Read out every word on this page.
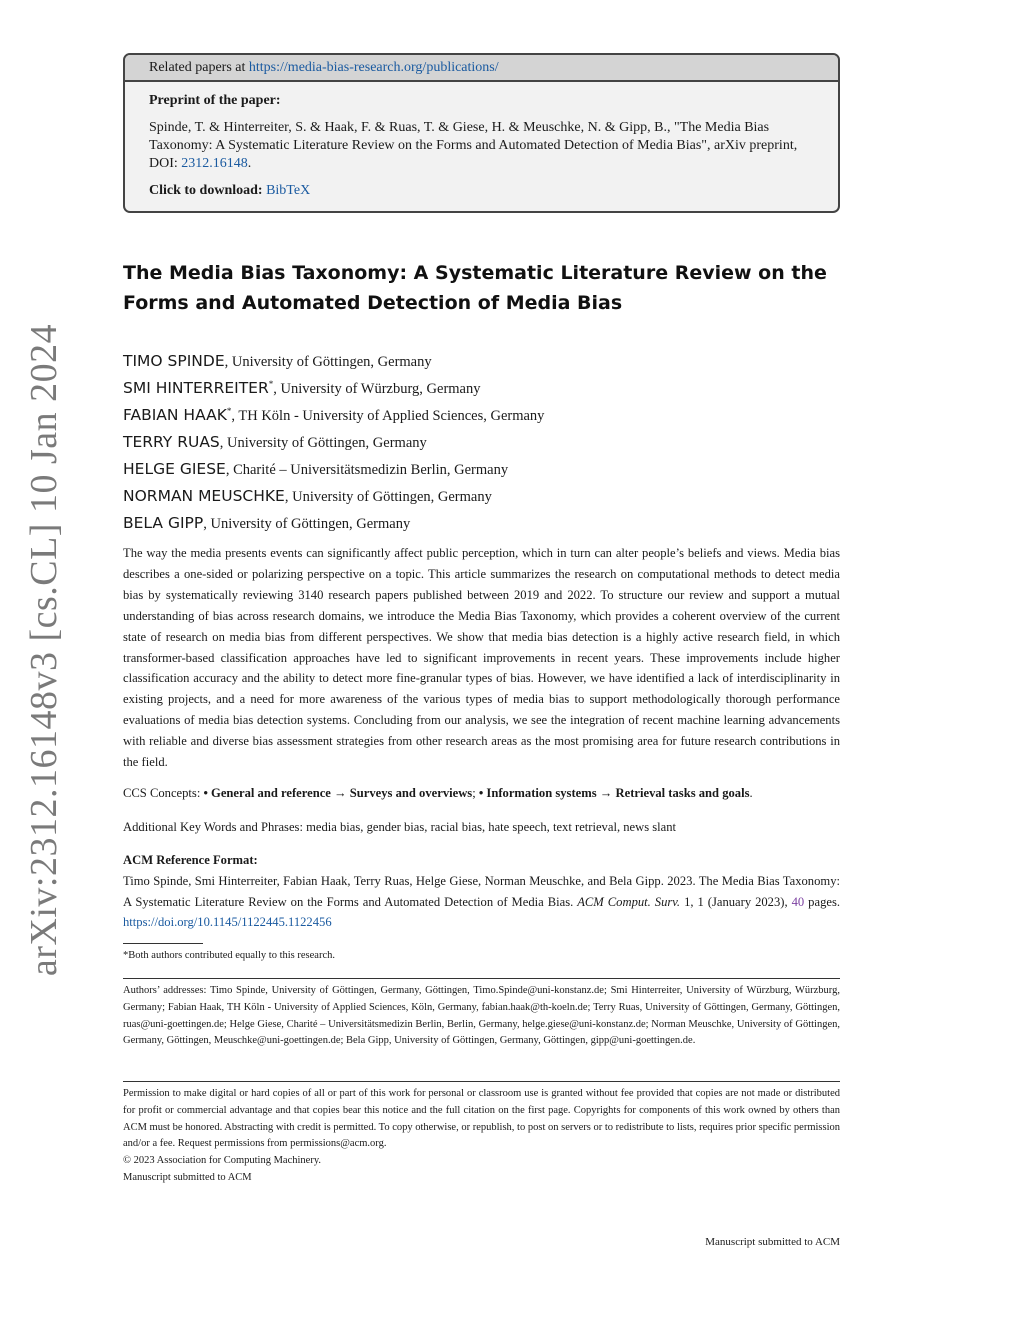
arXiv:2312.16148v3 [cs.CL] 10 Jan 2024
Related papers at https://media-bias-research.org/publications/

Preprint of the paper:

Spinde, T. & Hinterreiter, S. & Haak, F. & Ruas, T. & Giese, H. & Meuschke, N. & Gipp, B., "The Media Bias Taxonomy: A Systematic Literature Review on the Forms and Automated Detection of Media Bias", arXiv preprint, DOI: 2312.16148.

Click to download: BibTeX

The Media Bias Taxonomy: A Systematic Literature Review on the Forms and Automated Detection of Media Bias
TIMO SPINDE, University of Göttingen, Germany
SMI HINTERREITER*, University of Würzburg, Germany
FABIAN HAAK*, TH Köln - University of Applied Sciences, Germany
TERRY RUAS, University of Göttingen, Germany
HELGE GIESE, Charité – Universitätsmedizin Berlin, Germany
NORMAN MEUSCHKE, University of Göttingen, Germany
BELA GIPP, University of Göttingen, Germany

The way the media presents events can significantly affect public perception, which in turn can alter people’s beliefs and views. Media bias describes a one-sided or polarizing perspective on a topic. This article summarizes the research on computational methods to detect media bias by systematically reviewing 3140 research papers published between 2019 and 2022. To structure our review and support a mutual understanding of bias across research domains, we introduce the Media Bias Taxonomy, which provides a coherent overview of the current state of research on media bias from different perspectives. We show that media bias detection is a highly active research field, in which transformer-based classification approaches have led to significant improvements in recent years. These improvements include higher classification accuracy and the ability to detect more fine-granular types of bias. However, we have identified a lack of interdisciplinarity in existing projects, and a need for more awareness of the various types of media bias to support methodologically thorough performance evaluations of media bias detection systems. Concluding from our analysis, we see the integration of recent machine learning advancements with reliable and diverse bias assessment strategies from other research areas as the most promising area for future research contributions in the field.

CCS Concepts: • General and reference → Surveys and overviews; • Information systems → Retrieval tasks and goals.
Additional Key Words and Phrases: media bias, gender bias, racial bias, hate speech, text retrieval, news slant
ACM Reference Format:

Timo Spinde, Smi Hinterreiter, Fabian Haak, Terry Ruas, Helge Giese, Norman Meuschke, and Bela Gipp. 2023. The Media Bias Taxonomy: A Systematic Literature Review on the Forms and Automated Detection of Media Bias. ACM Comput. Surv. 1, 1 (January 2023), 40 pages. https://doi.org/10.1145/1122445.1122456

*Both authors contributed equally to this research.

Authors’ addresses: Timo Spinde, University of Göttingen, Germany, Göttingen, Timo.Spinde@uni-konstanz.de; Smi Hinterreiter, University of Würzburg, Würzburg, Germany; Fabian Haak, TH Köln - University of Applied Sciences, Köln, Germany, fabian.haak@th-koeln.de; Terry Ruas, University of Göttingen, Germany, Göttingen, ruas@uni-goettingen.de; Helge Giese, Charité – Universitätsmedizin Berlin, Berlin, Germany, helge.giese@uni-konstanz.de; Norman Meuschke, University of Göttingen, Germany, Göttingen, Meuschke@uni-goettingen.de; Bela Gipp, University of Göttingen, Germany, Göttingen, gipp@uni-goettingen.de.

Permission to make digital or hard copies of all or part of this work for personal or classroom use is granted without fee provided that copies are not made or distributed for profit or commercial advantage and that copies bear this notice and the full citation on the first page. Copyrights for components of this work owned by others than ACM must be honored. Abstracting with credit is permitted. To copy otherwise, or republish, to post on servers or to redistribute to lists, requires prior specific permission and/or a fee. Request permissions from permissions@acm.org.
© 2023 Association for Computing Machinery.
Manuscript submitted to ACM
Manuscript submitted to ACM
